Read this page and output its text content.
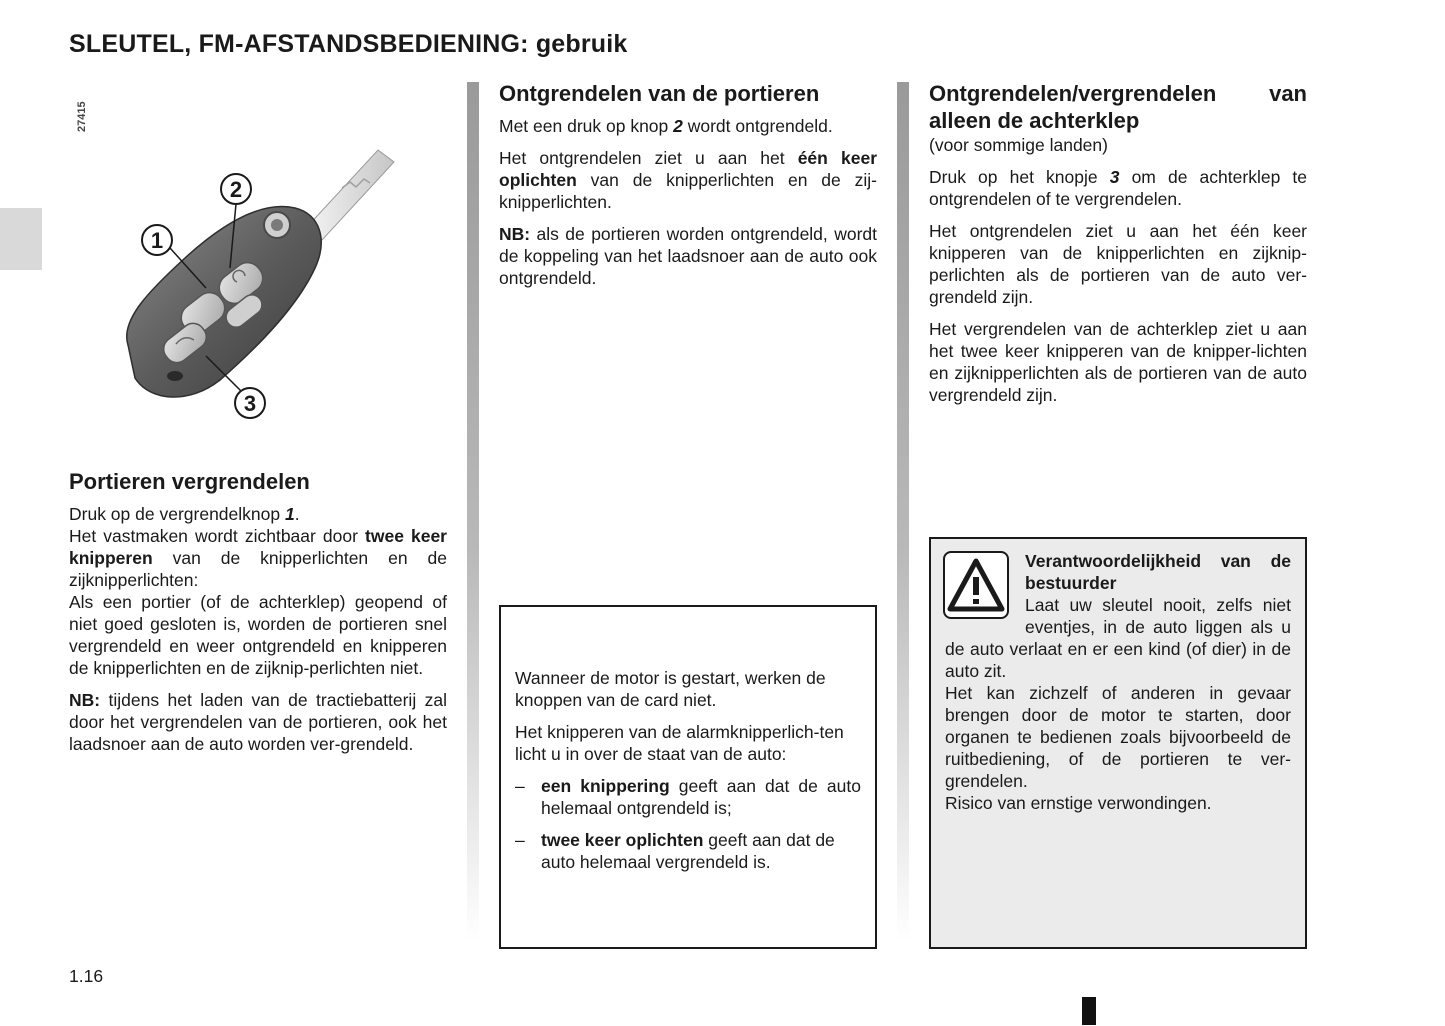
SLEUTEL, FM-AFSTANDSBEDIENING: gebruik
27415
1
2
3
Portieren vergrendelen

Druk op de vergrendelknop 1.

Het vastmaken wordt zichtbaar door twee keer knipperen van de knipperlichten en de zijknipperlichten:

Als een portier (of de achterklep) geopend of niet goed gesloten is, worden de portieren snel vergrendeld en weer ontgrendeld en knipperen de knipperlichten en de zijknip-perlichten niet.

NB: tijdens het laden van de tractiebatterij zal door het vergrendelen van de portieren, ook het laadsnoer aan de auto worden ver-grendeld.

Ontgrendelen van de portieren

Met een druk op knop 2 wordt ontgrendeld.

Het ontgrendelen ziet u aan het één keer oplichten van de knipperlichten en de zij-knipperlichten.

NB: als de portieren worden ontgrendeld, wordt de koppeling van het laadsnoer aan de auto ook ontgrendeld.

Wanneer de motor is gestart, werken de knoppen van de card niet.

Het knipperen van de alarmknipperlich-ten licht u in over de staat van de auto:

– een knippering geeft aan dat de auto helemaal ontgrendeld is;
– twee keer oplichten geeft aan dat de auto helemaal vergrendeld is.
Ontgrendelen/vergrendelen van alleen de achterklep

(voor sommige landen)

Druk op het knopje 3 om de achterklep te ontgrendelen of te vergrendelen.

Het ontgrendelen ziet u aan het één keer knipperen van de knipperlichten en zijknip-perlichten als de portieren van de auto ver-grendeld zijn.

Het vergrendelen van de achterklep ziet u aan het twee keer knipperen van de knipper-lichten en zijknipperlichten als de portieren van de auto vergrendeld zijn.

Verantwoordelijkheid van de bestuurder

Laat uw sleutel nooit, zelfs niet eventjes, in de auto liggen als u de auto verlaat en er een kind (of dier) in de auto zit.

Het kan zichzelf of anderen in gevaar brengen door de motor te starten, door organen te bedienen zoals bijvoorbeeld de ruitbediening, of de portieren te ver-grendelen.

Risico van ernstige verwondingen.

1.16
